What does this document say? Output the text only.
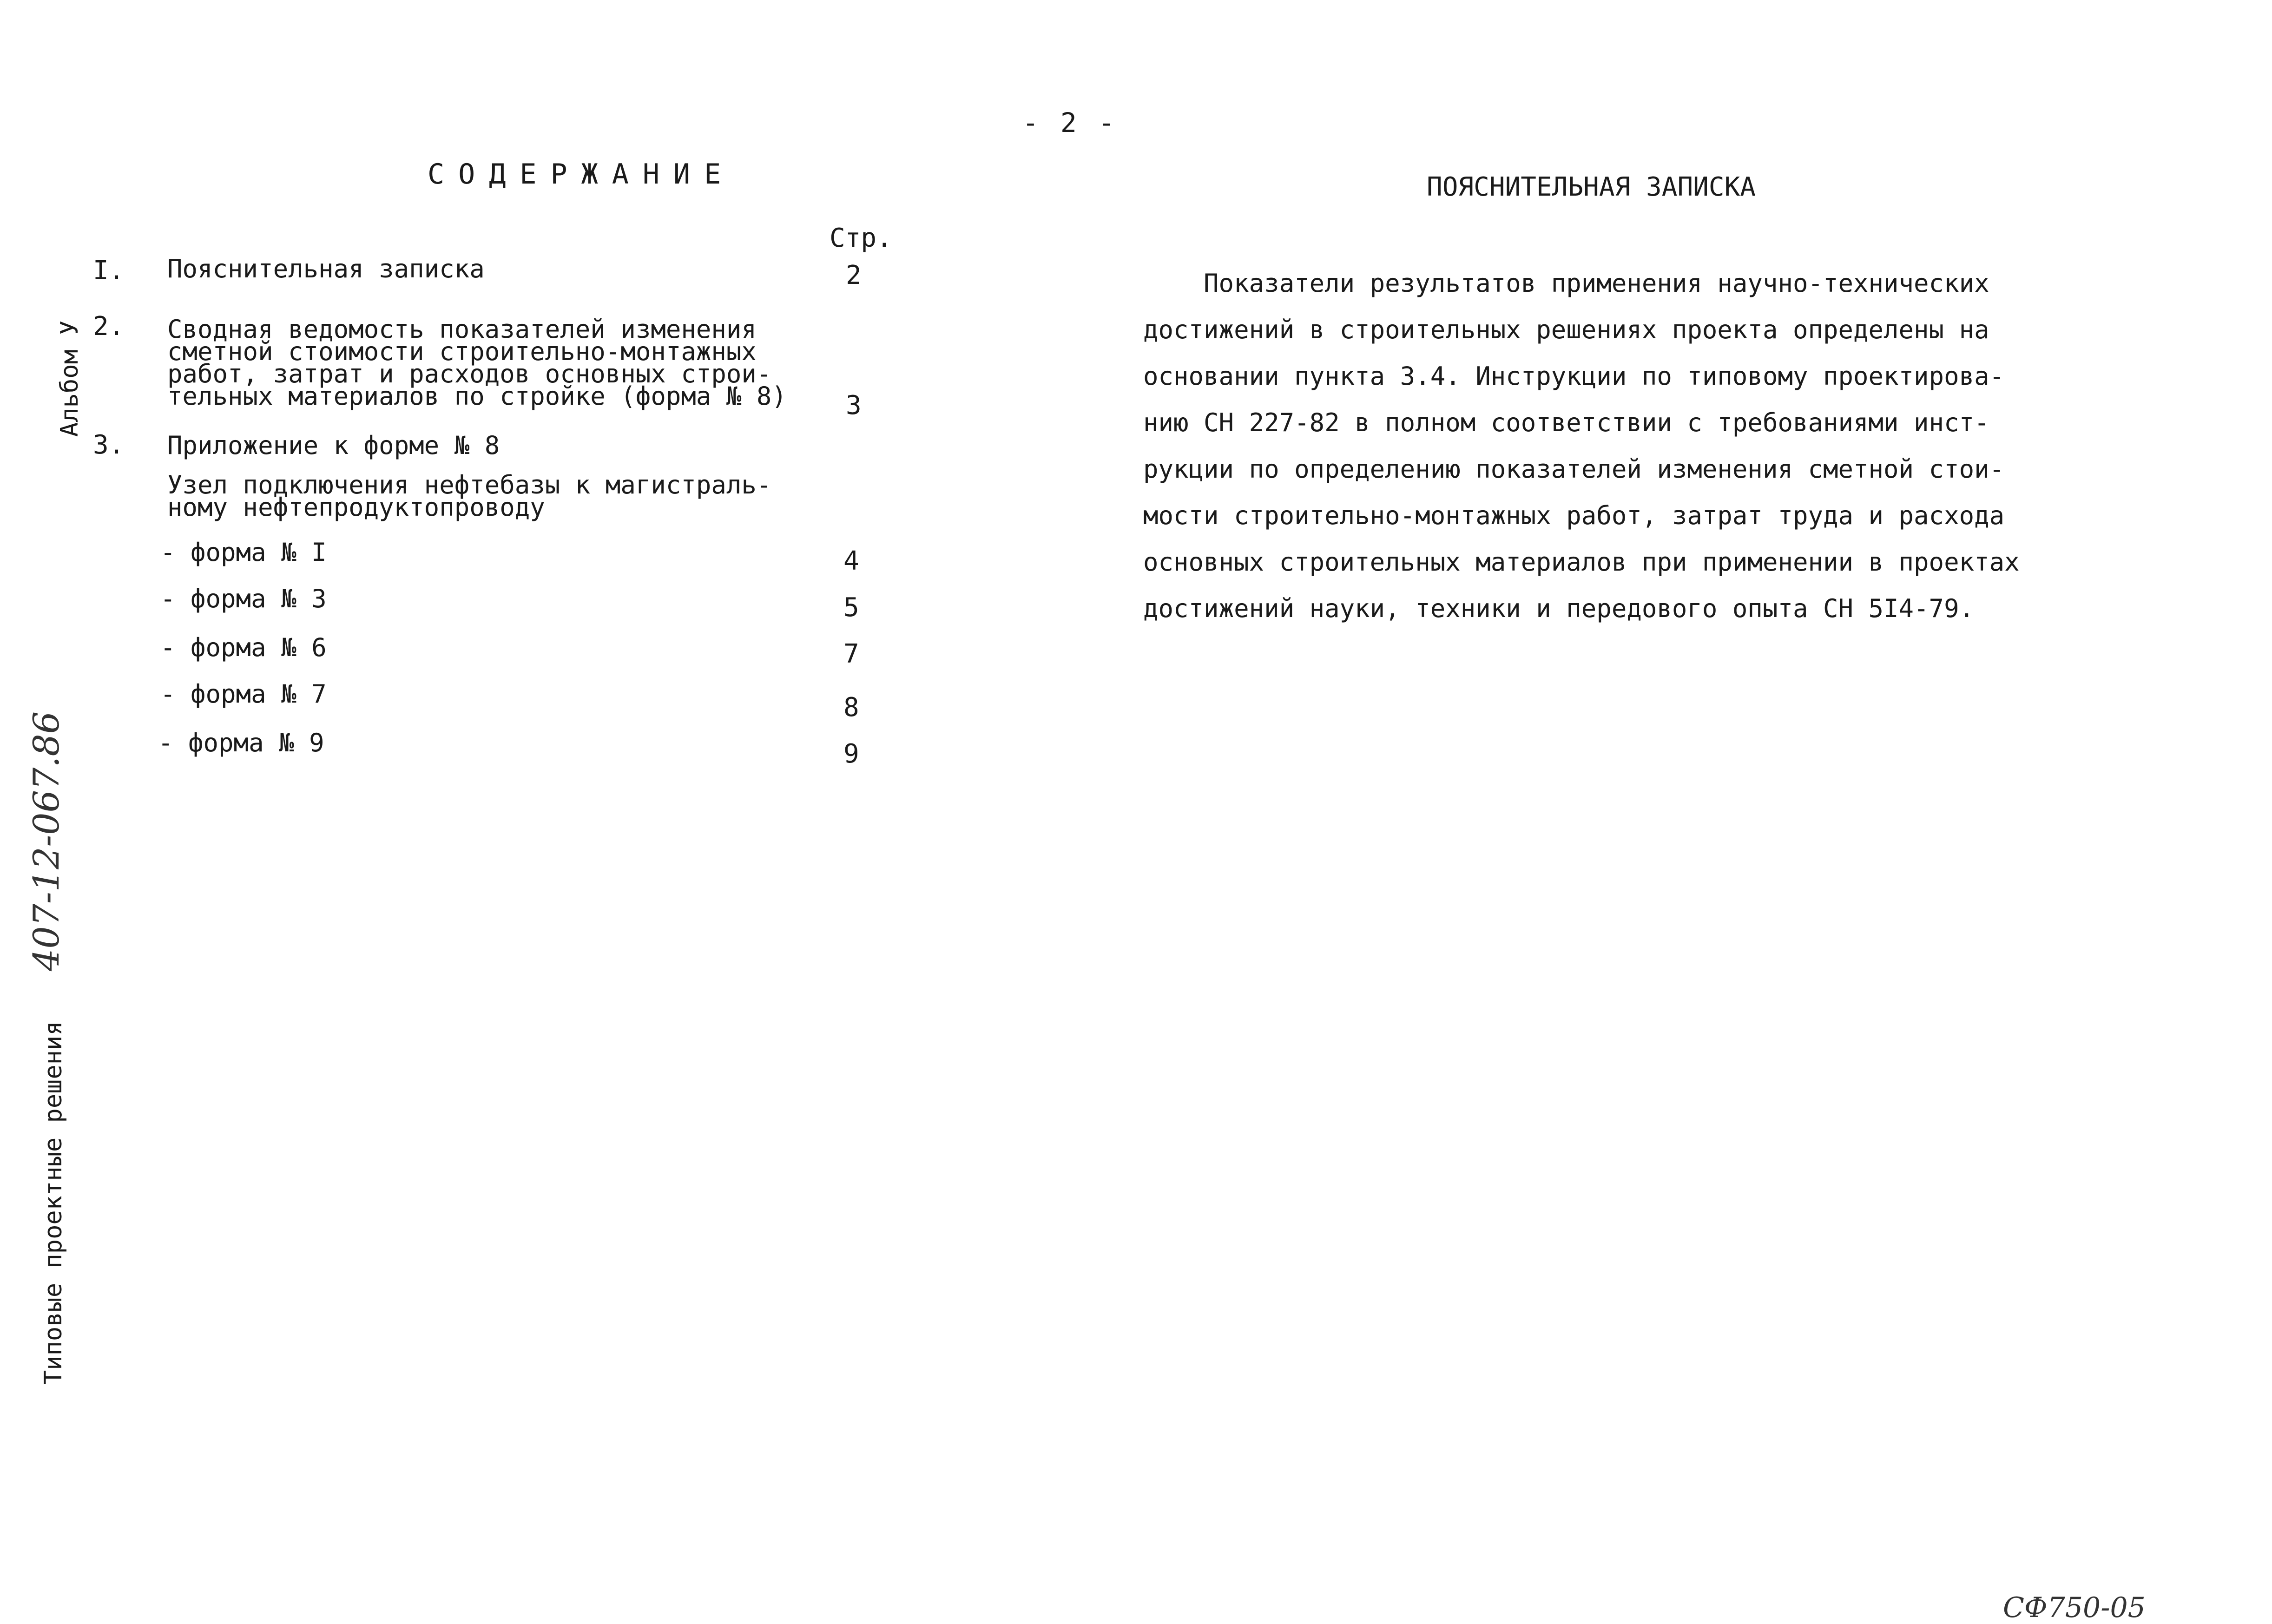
- 2 -
СОДЕРЖАНИЕ
Стр.
I. Пояснительная записка	2
2. Сводная ведомость показателей изменения
сметной стоимости строительно-монтажных
работ, затрат и расходов основных строи-
тельных материалов по стройке (форма № 8) 3
3. Приложение к форме № 8
Узел подключения нефтебазы к магистраль-
ному нефтепродуктопроводу
- форма № I	4
- форма № 3	5
- форма № 6	7
- форма № 7	8
- форма № 9	9
ПОЯСНИТЕЛЬНАЯ ЗАПИСКА
Показатели результатов применения научно-технических
достижений в строительных решениях проекта определены на
основании пункта 3.4. Инструкции по типовому проектирова-
нию СН 227-82 в полном соответствии с требованиями инст-
рукции по определению показателей изменения сметной стои-
мости строительно-монтажных работ, затрат труда и расхода
основных строительных материалов при применении в проектах
достижений науки, техники и передового опыта СН 5I4-79.
Альбом У
407-12-067.86
Типовые проектные решения
СФ750-05
